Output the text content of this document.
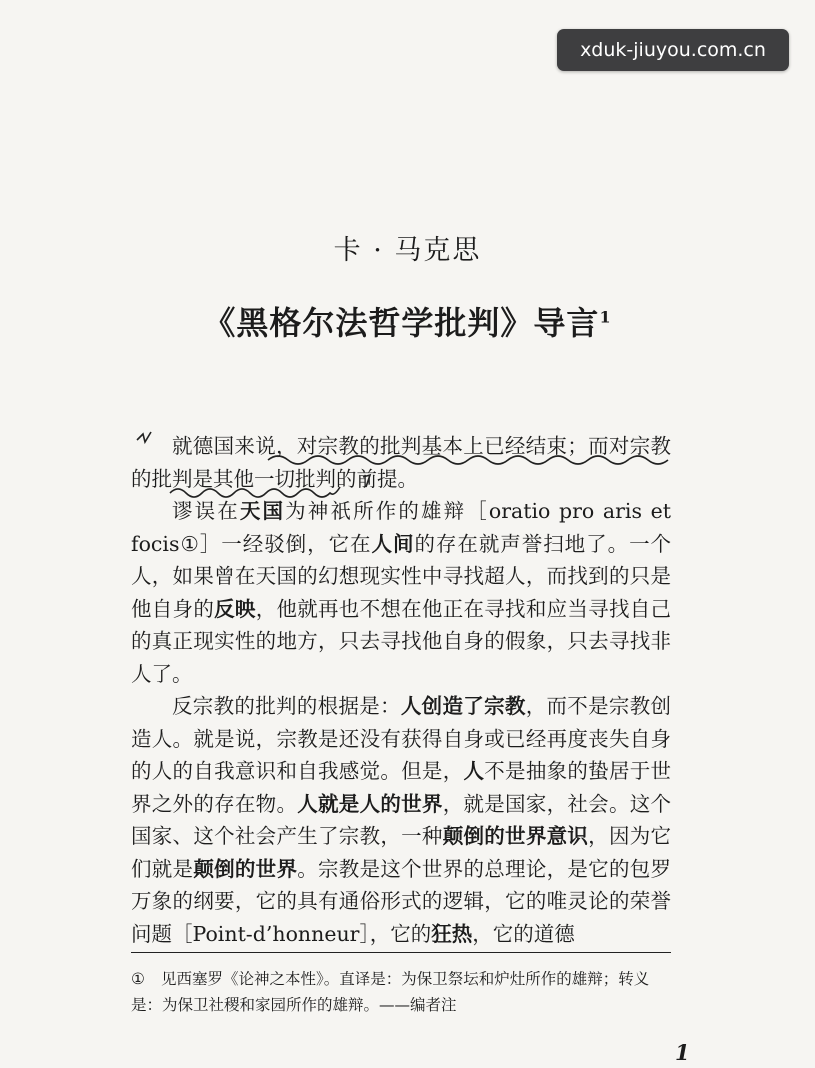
xduk-jiuyou.com.cn
卡 · 马克思
《黑格尔法哲学批判》导言$^1$

就德国来说，对宗教的批判基本上已经结束；而对宗教的批判是其他一切批判的前提。

谬误在天国为神祇所作的雄辩［oratio pro aris et focis①］一经驳倒，它在人间的存在就声誉扫地了。一个人，如果曾在天国的幻想现实性中寻找超人，而找到的只是他自身的反映，他就再也不想在他正在寻找和应当寻找自己的真正现实性的地方，只去寻找他自身的假象，只去寻找非人了。

反宗教的批判的根据是：人创造了宗教，而不是宗教创造人。就是说，宗教是还没有获得自身或已经再度丧失自身的人的自我意识和自我感觉。但是，人不是抽象的蛰居于世界之外的存在物。人就是人的世界，就是国家，社会。这个国家、这个社会产生了宗教，一种颠倒的世界意识，因为它们就是颠倒的世界。宗教是这个世界的总理论，是它的包罗万象的纲要，它的具有通俗形式的逻辑，它的唯灵论的荣誉问题［Point-d’honneur］，它的狂热，它的道德

① 见西塞罗《论神之本性》。直译是：为保卫祭坛和炉灶所作的雄辩；转义是：为保卫社稷和家园所作的雄辩。——编者注
1
